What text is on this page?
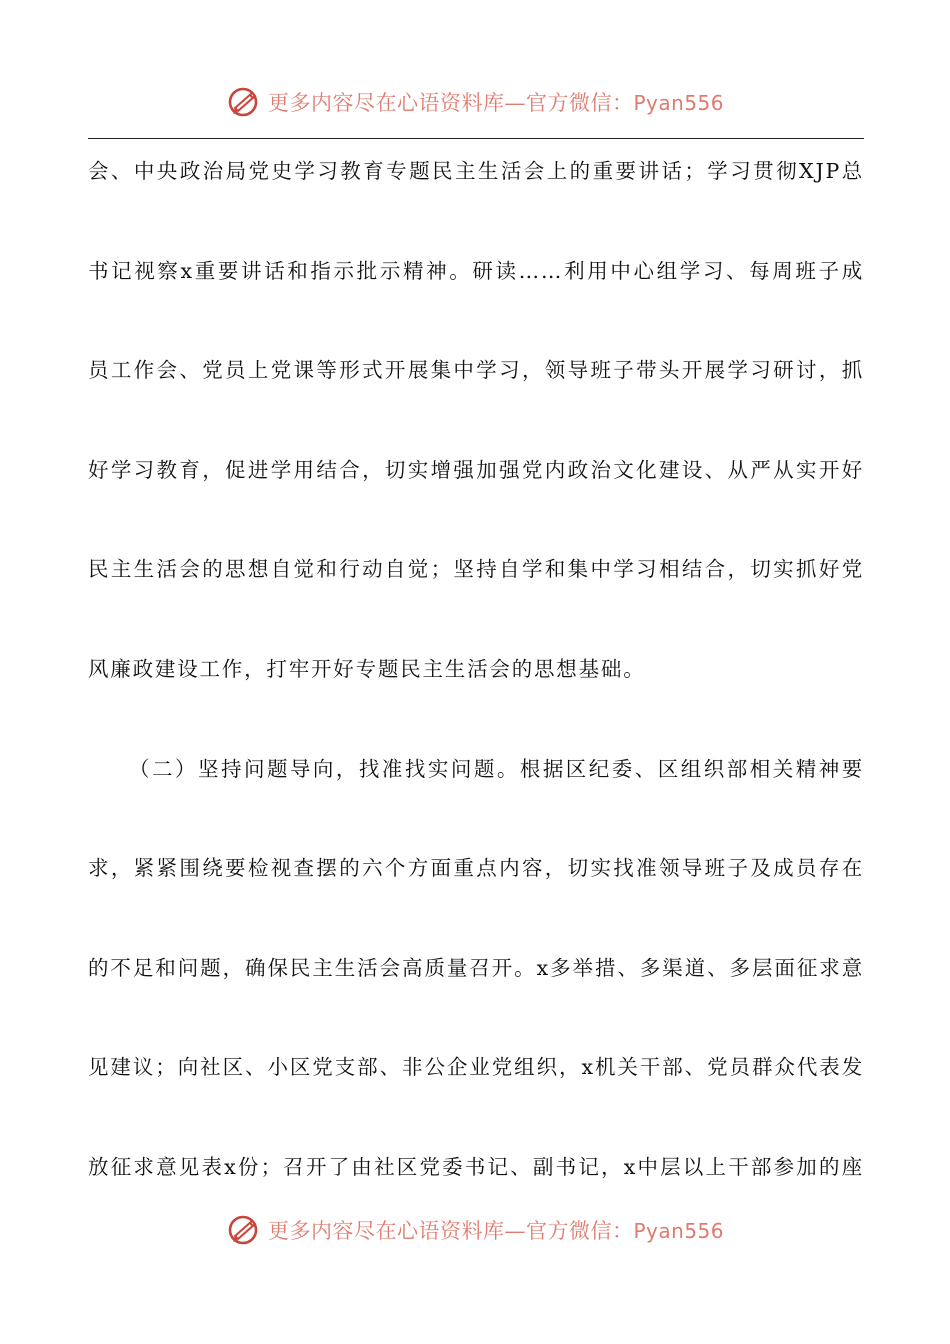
更多内容尽在心语资料库—官方微信：Pyan556
会、中央政治局党史学习教育专题民主生活会上的重要讲话；学习贯彻XJP总
书记视察x重要讲话和指示批示精神。研读……利用中心组学习、每周班子成
员工作会、党员上党课等形式开展集中学习，领导班子带头开展学习研讨，抓
好学习教育，促进学用结合，切实增强加强党内政治文化建设、从严从实开好
民主生活会的思想自觉和行动自觉；坚持自学和集中学习相结合，切实抓好党
风廉政建设工作，打牢开好专题民主生活会的思想基础。
（二）坚持问题导向，找准找实问题。根据区纪委、区组织部相关精神要
求，紧紧围绕要检视查摆的六个方面重点内容，切实找准领导班子及成员存在
的不足和问题，确保民主生活会高质量召开。x多举措、多渠道、多层面征求意
见建议；向社区、小区党支部、非公企业党组织，x机关干部、党员群众代表发
放征求意见表x份；召开了由社区党委书记、副书记，x中层以上干部参加的座
更多内容尽在心语资料库—官方微信：Pyan556
